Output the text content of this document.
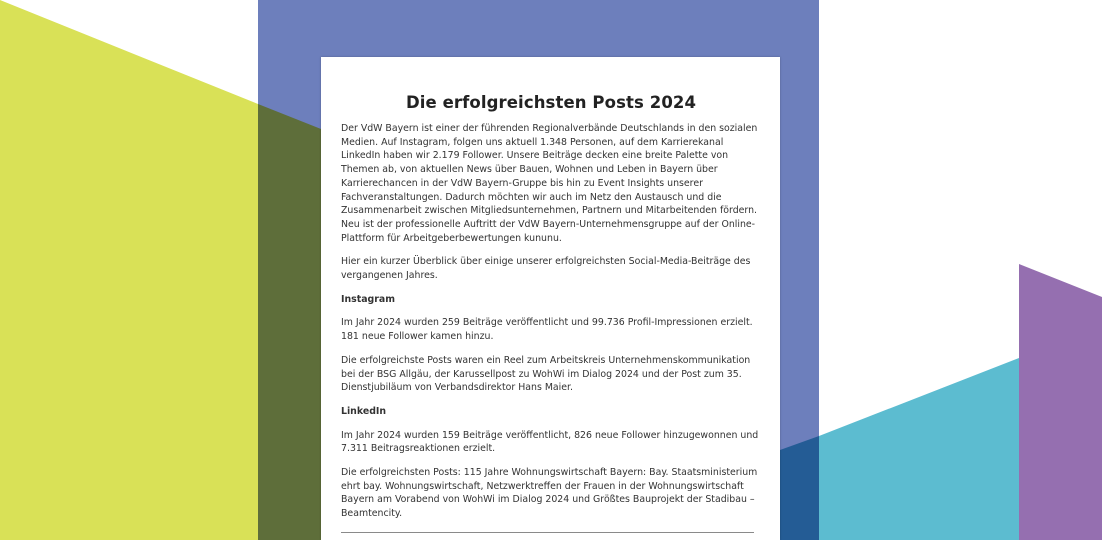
Die erfolgreichsten Posts 2024

Der VdW Bayern ist einer der führenden Regionalverbände Deutschlands in den sozialen Medien. Auf Instagram, folgen uns aktuell 1.348 Personen, auf dem Karrierekanal LinkedIn haben wir 2.179 Follower. Unsere Beiträge decken eine breite Palette von Themen ab, von aktuellen News über Bauen, Wohnen und Leben in Bayern über Karrierechancen in der VdW Bayern-Gruppe bis hin zu Event Insights unserer Fachveranstaltungen. Dadurch möchten wir auch im Netz den Austausch und die Zusammenarbeit zwischen Mitgliedsunternehmen, Partnern und Mitarbeitenden fördern. Neu ist der professionelle Auftritt der VdW Bayern-Unternehmensgruppe auf der Online-Plattform für Arbeitgeberbewertungen kununu.

Hier ein kurzer Überblick über einige unserer erfolgreichsten Social-Media-Beiträge des vergangenen Jahres.

Instagram

Im Jahr 2024 wurden 259 Beiträge veröffentlicht und 99.736 Profil-Impressionen erzielt. 181 neue Follower kamen hinzu.

Die erfolgreichste Posts waren ein Reel zum Arbeitskreis Unternehmenskommunikation bei der BSG Allgäu, der Karussellpost zu WohWi im Dialog 2024 und der Post zum 35. Dienstjubiläum von Verbandsdirektor Hans Maier.

LinkedIn

Im Jahr 2024 wurden 159 Beiträge veröffentlicht, 826 neue Follower hinzugewonnen und 7.311 Beitragsreaktionen erzielt.

Die erfolgreichsten Posts: 115 Jahre Wohnungswirtschaft Bayern: Bay. Staatsministerium ehrt bay. Wohnungswirtschaft, Netzwerktreffen der Frauen in der Wohnungswirtschaft Bayern am Vorabend von WohWi im Dialog 2024 und Größtes Bauprojekt der Stadibau – Beamtencity.
